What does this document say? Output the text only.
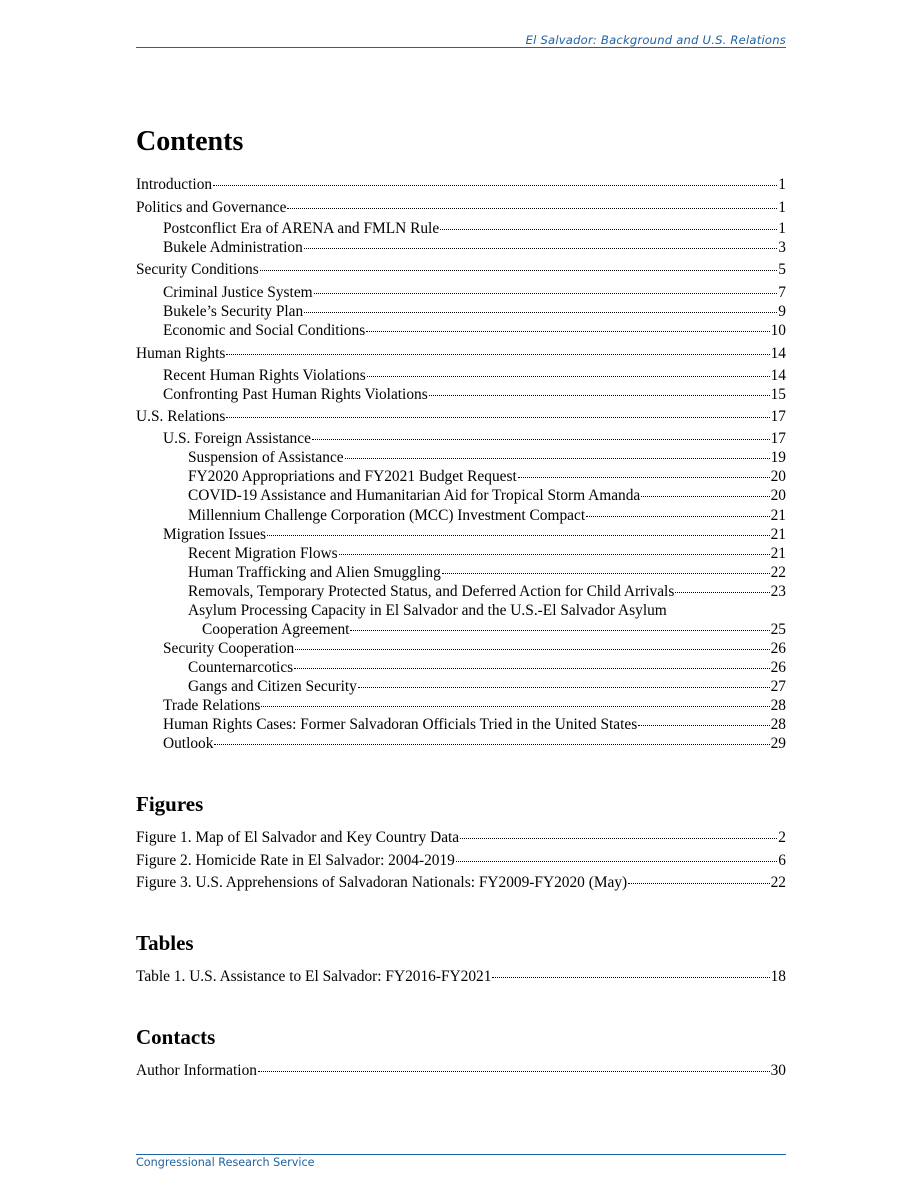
El Salvador: Background and U.S. Relations
Contents
Introduction	1
Politics and Governance	1
Postconflict Era of ARENA and FMLN Rule	1
Bukele Administration	3
Security Conditions	5
Criminal Justice System	7
Bukele’s Security Plan	9
Economic and Social Conditions	10
Human Rights	14
Recent Human Rights Violations	14
Confronting Past Human Rights Violations	15
U.S. Relations	17
U.S. Foreign Assistance	17
Suspension of Assistance	19
FY2020 Appropriations and FY2021 Budget Request	20
COVID-19 Assistance and Humanitarian Aid for Tropical Storm Amanda	20
Millennium Challenge Corporation (MCC) Investment Compact	21
Migration Issues	21
Recent Migration Flows	21
Human Trafficking and Alien Smuggling	22
Removals, Temporary Protected Status, and Deferred Action for Child Arrivals	23
Asylum Processing Capacity in El Salvador and the U.S.-El Salvador Asylum
Cooperation Agreement	25
Security Cooperation	26
Counternarcotics	26
Gangs and Citizen Security	27
Trade Relations	28
Human Rights Cases: Former Salvadoran Officials Tried in the United States	28
Outlook	29
Figures
Figure 1. Map of El Salvador and Key Country Data	2
Figure 2. Homicide Rate in El Salvador: 2004-2019	6
Figure 3. U.S. Apprehensions of Salvadoran Nationals: FY2009-FY2020 (May)	22
Tables
Table 1. U.S. Assistance to El Salvador: FY2016-FY2021	18
Contacts
Author Information	30
Congressional Research Service
